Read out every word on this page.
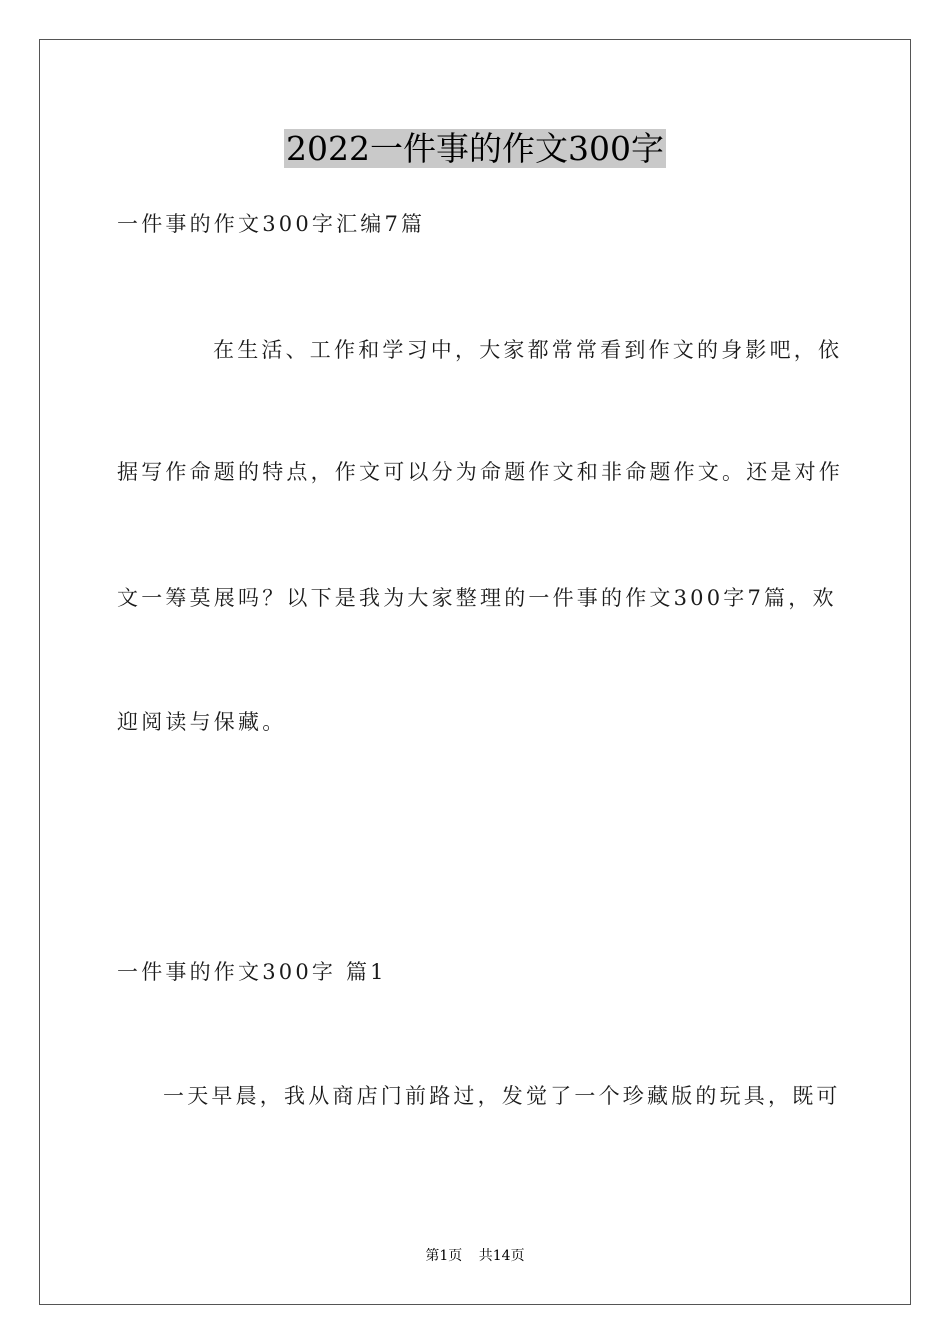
2022一件事的作文300字
一件事的作文300字汇编7篇
在生活、工作和学习中，大家都常常看到作文的身影吧，依
据写作命题的特点，作文可以分为命题作文和非命题作文。还是对作
文一筹莫展吗？以下是我为大家整理的一件事的作文300字7篇，欢
迎阅读与保藏。
一件事的作文300字 篇1
一天早晨，我从商店门前路过，发觉了一个珍藏版的玩具，既可
第1页 共14页
